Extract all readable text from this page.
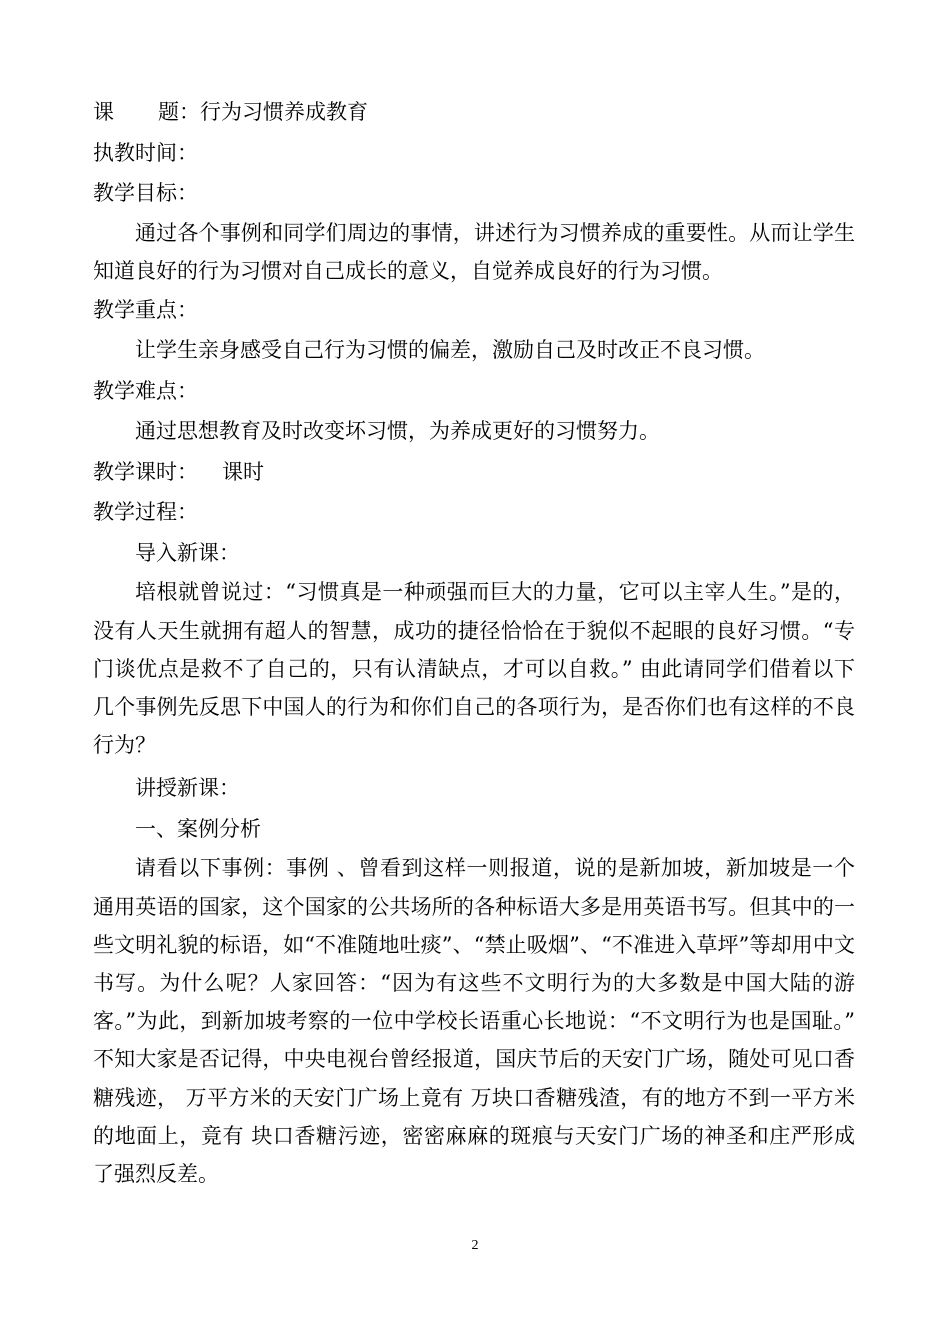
课 题：行为习惯养成教育

执教时间：

教学目标：

通过各个事例和同学们周边的事情，讲述行为习惯养成的重要性。从而让学生知道良好的行为习惯对自己成长的意义，自觉养成良好的行为习惯。

教学重点：

让学生亲身感受自己行为习惯的偏差，激励自己及时改正不良习惯。

教学难点：

通过思想教育及时改变坏习惯，为养成更好的习惯努力。

教学课时： 课时

教学过程：

导入新课：

培根就曾说过：“习惯真是一种顽强而巨大的力量，它可以主宰人生。”是的，没有人天生就拥有超人的智慧，成功的捷径恰恰在于貌似不起眼的良好习惯。“专门谈优点是救不了自己的，只有认清缺点，才可以自救。” 由此请同学们借着以下几个事例先反思下中国人的行为和你们自己的各项行为，是否你们也有这样的不良行为？

讲授新课：

一、案例分析

请看以下事例：事例 、曾看到这样一则报道，说的是新加坡，新加坡是一个通用英语的国家，这个国家的公共场所的各种标语大多是用英语书写。但其中的一些文明礼貌的标语，如“不准随地吐痰”、“禁止吸烟”、“不准进入草坪”等却用中文书写。为什么呢？人家回答：“因为有这些不文明行为的大多数是中国大陆的游客。”为此，到新加坡考察的一位中学校长语重心长地说：“不文明行为也是国耻。” 不知大家是否记得，中央电视台曾经报道，国庆节后的天安门广场，随处可见口香糖残迹， 万平方米的天安门广场上竟有 万块口香糖残渣，有的地方不到一平方米的地面上，竟有 块口香糖污迹，密密麻麻的斑痕与天安门广场的神圣和庄严形成了强烈反差。

2
